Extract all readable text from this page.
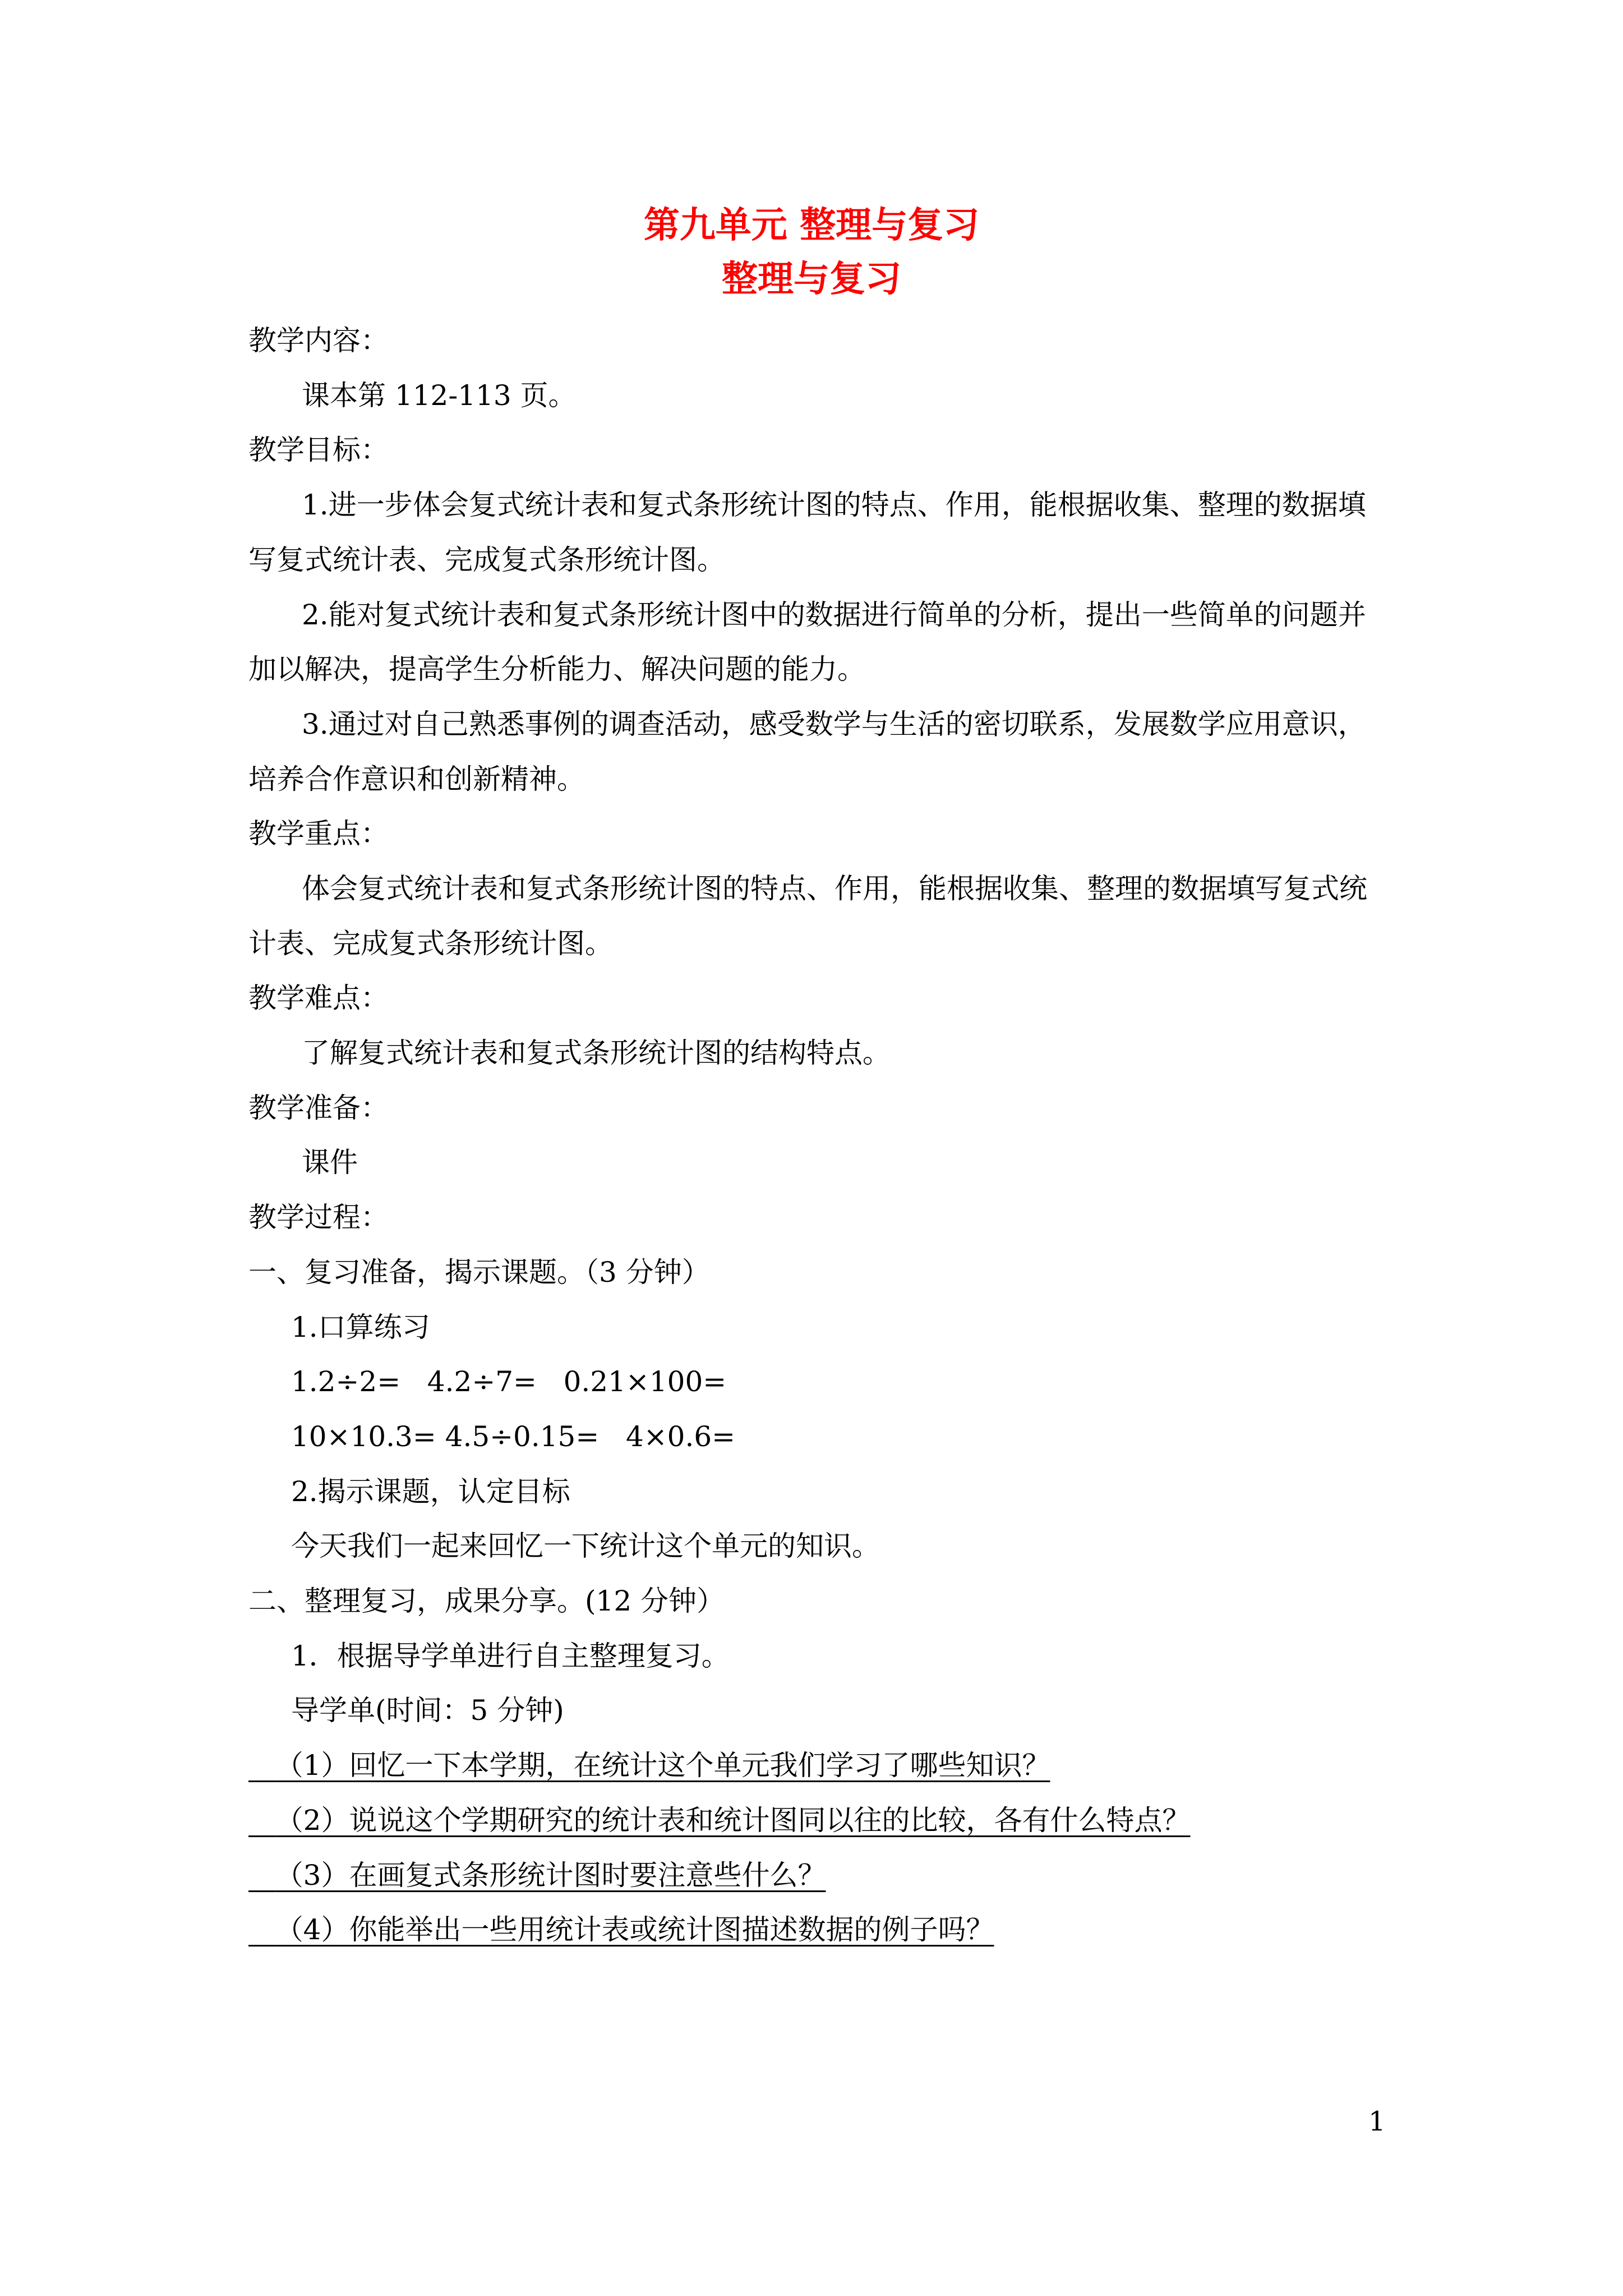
第九单元 整理与复习
整理与复习
教学内容：
课本第 112-113 页。
教学目标：
1.进一步体会复式统计表和复式条形统计图的特点、作用，能根据收集、整理的数据填
写复式统计表、完成复式条形统计图。
2.能对复式统计表和复式条形统计图中的数据进行简单的分析，提出一些简单的问题并
加以解决，提高学生分析能力、解决问题的能力。
3.通过对自己熟悉事例的调查活动，感受数学与生活的密切联系，发展数学应用意识，
培养合作意识和创新精神。
教学重点：
体会复式统计表和复式条形统计图的特点、作用，能根据收集、整理的数据填写复式统
计表、完成复式条形统计图。
教学难点：
了解复式统计表和复式条形统计图的结构特点。
教学准备：
课件
教学过程：
一、复习准备，揭示课题。（3 分钟）
1.口算练习
1.2÷2=   4.2÷7=   0.21×100=
10×10.3= 4.5÷0.15=   4×0.6=
2.揭示课题，认定目标
今天我们一起来回忆一下统计这个单元的知识。
二、整理复习，成果分享。(12 分钟）
1．根据导学单进行自主整理复习。
导学单(时间：5 分钟)
（1）回忆一下本学期，在统计这个单元我们学习了哪些知识？
（2）说说这个学期研究的统计表和统计图同以往的比较，各有什么特点？
（3）在画复式条形统计图时要注意些什么？
（4）你能举出一些用统计表或统计图描述数据的例子吗？
1
